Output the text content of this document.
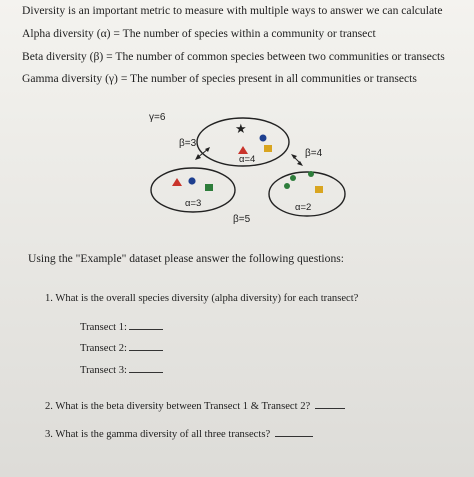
Diversity is an important metric to measure with multiple ways to answer we can calculate
Alpha diversity (α) = The number of species within a community or transect
Beta diversity (β) = The number of common species between two communities or transects
Gamma diversity (γ) = The number of species present in all communities or transects
γ=6
★
α=4
α=3	α=2
β=3
β=4
β=5
Using the "Example" dataset please answer the following questions:
1. What is the overall species diversity (alpha diversity) for each transect?
Transect 1:
Transect 2:
Transect 3:
2. What is the beta diversity between Transect 1 & Transect 2?
3. What is the gamma diversity of all three transects?
